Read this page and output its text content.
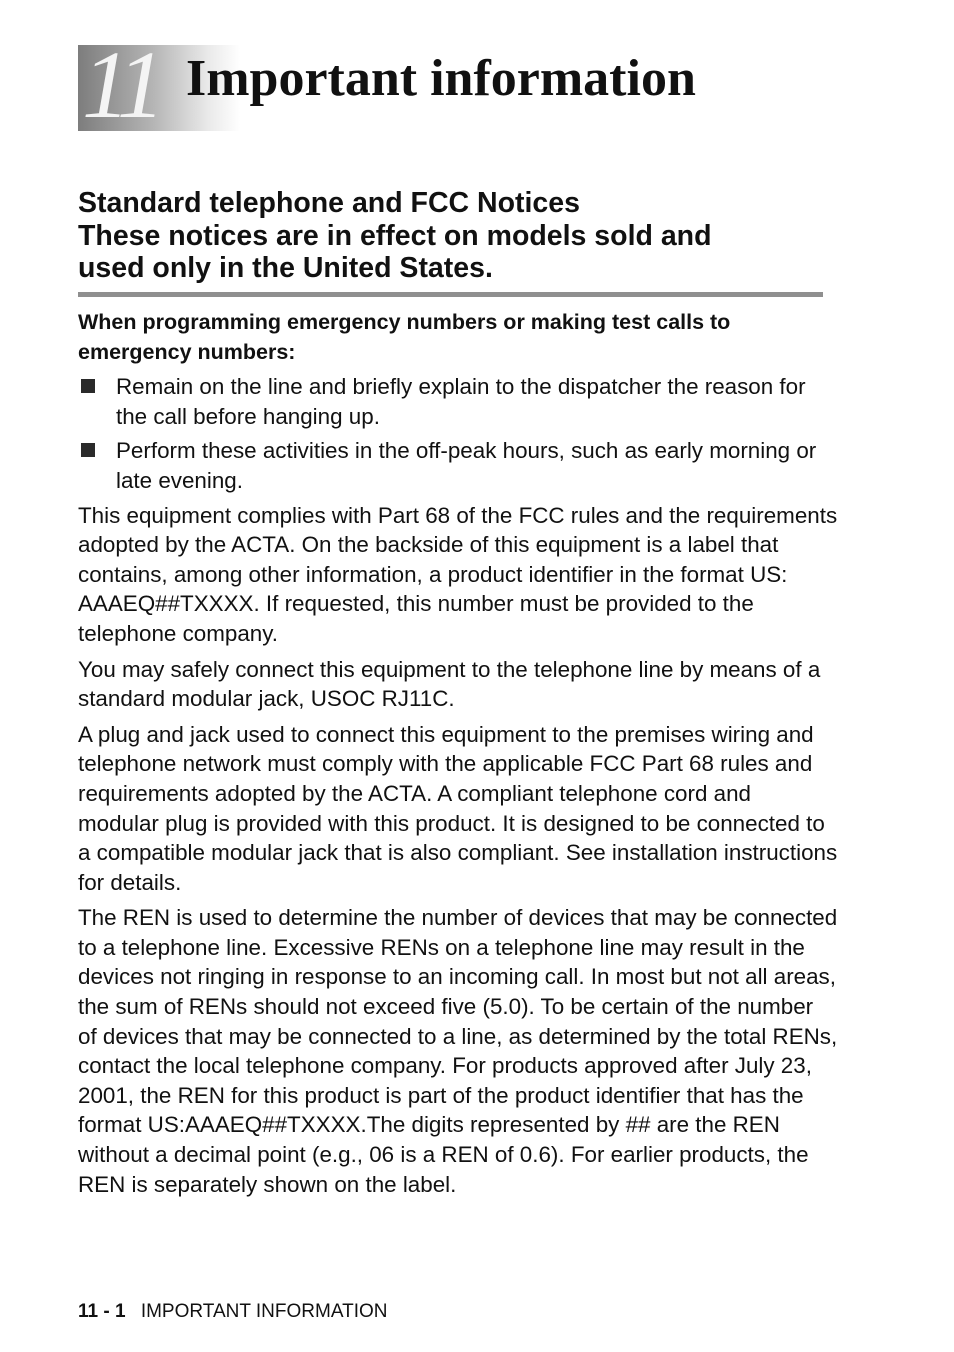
11 Important information
Standard telephone and FCC Notices
These notices are in effect on models sold and
used only in the United States.

When programming emergency numbers or making test calls to emergency numbers:

Remain on the line and briefly explain to the dispatcher the reason for the call before hanging up.
Perform these activities in the off-peak hours, such as early morning or late evening.

This equipment complies with Part 68 of the FCC rules and the requirements adopted by the ACTA. On the backside of this equipment is a label that contains, among other information, a product identifier in the format US: AAAEQ##TXXXX. If requested, this number must be provided to the telephone company.

You may safely connect this equipment to the telephone line by means of a standard modular jack, USOC RJ11C.

A plug and jack used to connect this equipment to the premises wiring and telephone network must comply with the applicable FCC Part 68 rules and requirements adopted by the ACTA. A compliant telephone cord and modular plug is provided with this product. It is designed to be connected to a compatible modular jack that is also compliant. See installation instructions for details.

The REN is used to determine the number of devices that may be connected to a telephone line. Excessive RENs on a telephone line may result in the devices not ringing in response to an incoming call. In most but not all areas, the sum of RENs should not exceed five (5.0). To be certain of the number of devices that may be connected to a line, as determined by the total RENs, contact the local telephone company. For products approved after July 23, 2001, the REN for this product is part of the product identifier that has the format US:AAAEQ##TXXXX.The digits represented by ## are the REN without a decimal point (e.g., 06 is a REN of 0.6). For earlier products, the REN is separately shown on the label.

11 - 1 IMPORTANT INFORMATION
